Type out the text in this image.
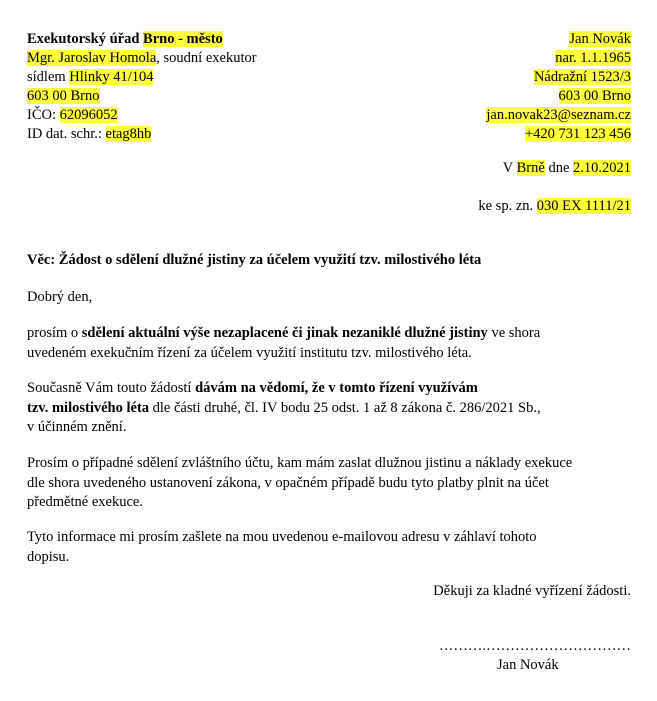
Exekutorský úřad Brno - město
Mgr. Jaroslav Homola, soudní exekutor
sídlem Hlinky 41/104
603 00 Brno
IČO: 62096052
ID dat. schr.: etag8hb
Jan Novák
nar. 1.1.1965
Nádražní 1523/3
603 00 Brno
jan.novak23@seznam.cz
+420 731 123 456
V Brně dne 2.10.2021
ke sp. zn. 030 EX 1111/21
Věc: Žádost o sdělení dlužné jistiny za účelem využití tzv. milostivého léta
Dobrý den,
prosím o sdělení aktuální výše nezaplacené či jinak nezaniklé dlužné jistiny ve shora
uvedeném exekučním řízení za účelem využití institutu tzv. milostivého léta.
Současně Vám touto žádostí dávám na vědomí, že v tomto řízení využívám
tzv. milostivého léta dle části druhé, čl. IV bodu 25 odst. 1 až 8 zákona č. 286/2021 Sb.,
v účinném znění.
Prosím o případné sdělení zvláštního účtu, kam mám zaslat dlužnou jistinu a náklady exekuce
dle shora uvedeného ustanovení zákona, v opačném případě budu tyto platby plnit na účet
předmětné exekuce.
Tyto informace mi prosím zašlete na mou uvedenou e-mailovou adresu v záhlaví tohoto
dopisu.
Děkuji za kladné vyřízení žádosti.
……….…………………………
Jan Novák
